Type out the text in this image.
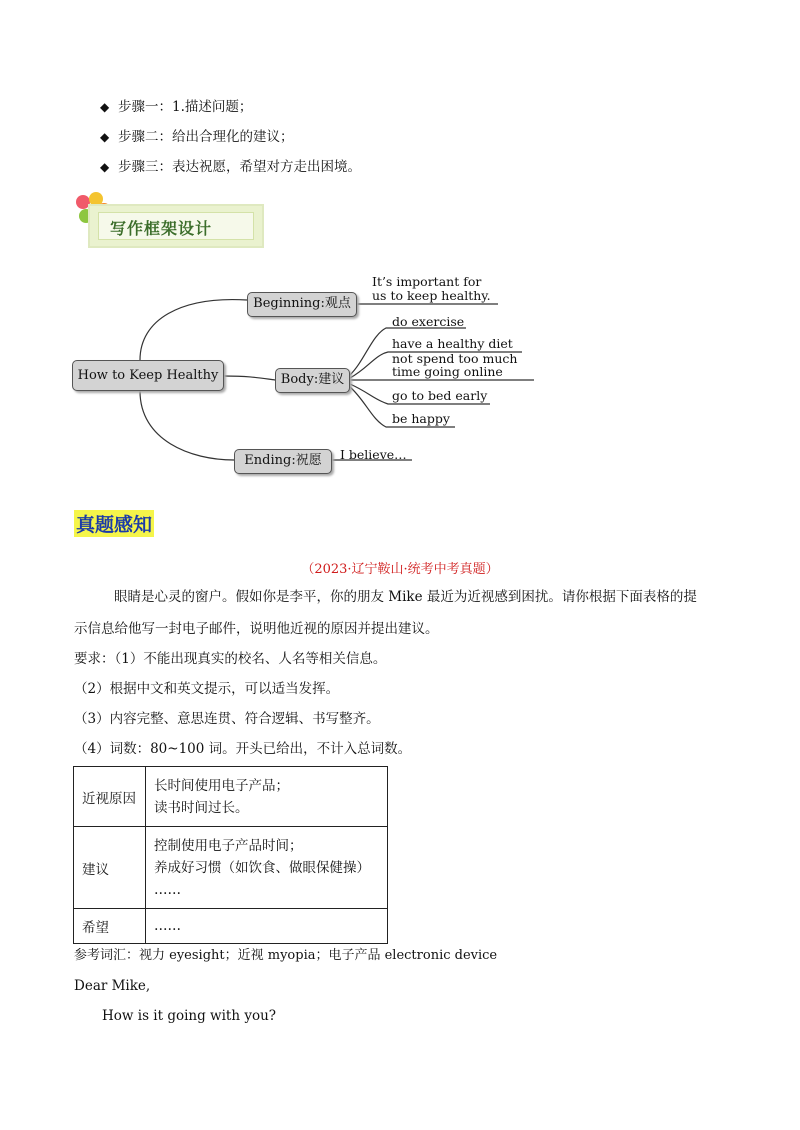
◆ 步骤一：1.描述问题；
◆ 步骤二：给出合理化的建议；
◆ 步骤三：表达祝愿，希望对方走出困境。
写作框架设计
How to Keep Healthy
Beginning:观点
Body:建议
Ending:祝愿
It’s important for
us to keep healthy.
do exercise
have a healthy diet
not spend too much
time going online
go to bed early
be happy
I believe…
真题感知
（2023·辽宁鞍山·统考中考真题）
眼睛是心灵的窗户。假如你是李平，你的朋友 Mike 最近为近视感到困扰。请你根据下面表格的提
示信息给他写一封电子邮件，说明他近视的原因并提出建议。
要求：（1）不能出现真实的校名、人名等相关信息。
（2）根据中文和英文提示，可以适当发挥。
（3）内容完整、意思连贯、符合逻辑、书写整齐。
（4）词数：80~100 词。开头已给出，不计入总词数。
近视原因	长时间使用电子产品；
读书时间过长。

建议	控制使用电子产品时间；
养成好习惯（如饮食、做眼保健操）
……

希望	……
参考词汇：视力 eyesight；近视 myopia；电子产品 electronic device
Dear Mike,
How is it going with you?
